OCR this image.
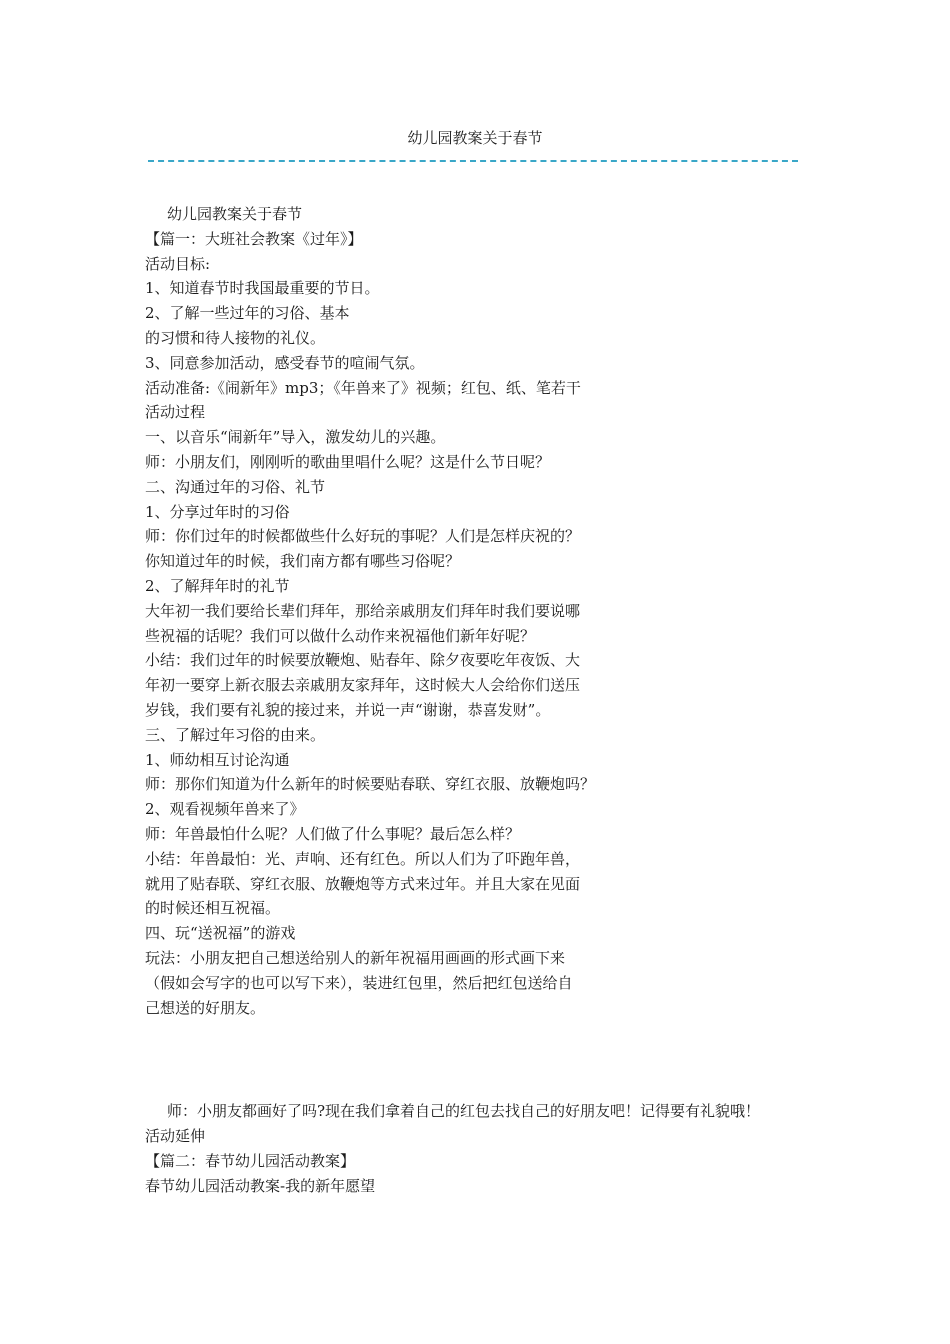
幼儿园教案关于春节
幼儿园教案关于春节
【篇一：大班社会教案《过年》】
活动目标:
1、知道春节时我国最重要的节日。
2、了解一些过年的习俗、基本
的习惯和待人接物的礼仪。
3、同意参加活动，感受春节的喧闹气氛。
活动准备:《闹新年》mp3；《年兽来了》视频；红包、纸、笔若干
活动过程
一、以音乐“闹新年”导入，激发幼儿的兴趣。
师：小朋友们，刚刚听的歌曲里唱什么呢？这是什么节日呢？
二、沟通过年的习俗、礼节
1、分享过年时的习俗
师：你们过年的时候都做些什么好玩的事呢？人们是怎样庆祝的？
你知道过年的时候，我们南方都有哪些习俗呢？
2、了解拜年时的礼节
大年初一我们要给长辈们拜年，那给亲戚朋友们拜年时我们要说哪
些祝福的话呢？我们可以做什么动作来祝福他们新年好呢？
小结：我们过年的时候要放鞭炮、贴春年、除夕夜要吃年夜饭、大
年初一要穿上新衣服去亲戚朋友家拜年，这时候大人会给你们送压
岁钱，我们要有礼貌的接过来，并说一声“谢谢，恭喜发财”。
三、了解过年习俗的由来。
1、师幼相互讨论沟通
师：那你们知道为什么新年的时候要贴春联、穿红衣服、放鞭炮吗？
2、观看视频年兽来了》
师：年兽最怕什么呢？人们做了什么事呢？最后怎么样？
小结：年兽最怕：光、声响、还有红色。所以人们为了吓跑年兽，
就用了贴春联、穿红衣服、放鞭炮等方式来过年。并且大家在见面
的时候还相互祝福。
四、玩“送祝福”的游戏
玩法：小朋友把自己想送给别人的新年祝福用画画的形式画下来
（假如会写字的也可以写下来），装进红包里，然后把红包送给自
己想送的好朋友。
师：小朋友都画好了吗?现在我们拿着自己的红包去找自己的好朋友吧！记得要有礼貌哦！
活动延伸
【篇二：春节幼儿园活动教案】
春节幼儿园活动教案-我的新年愿望
